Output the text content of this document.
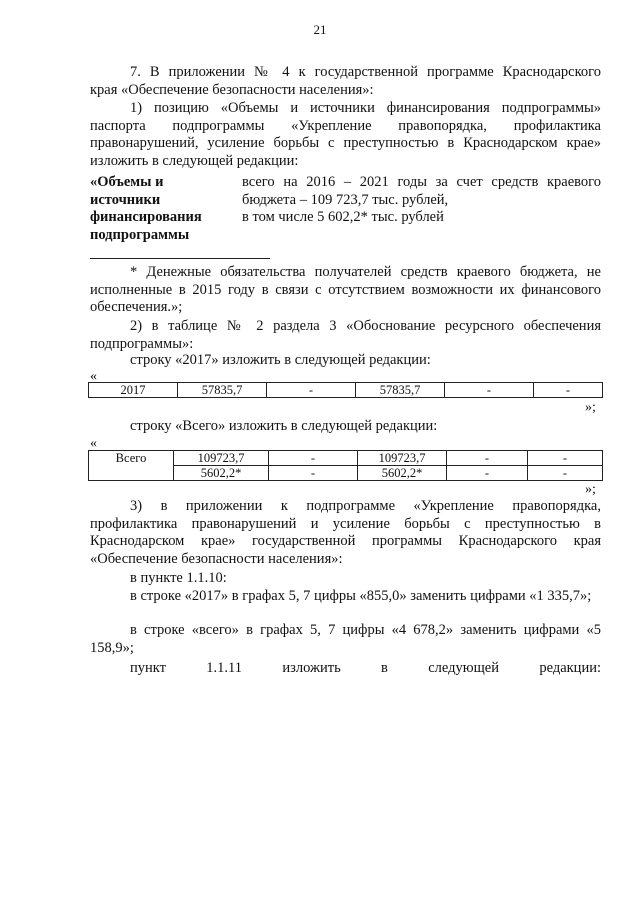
21
7. В приложении № 4 к государственной программе Краснодарского
края «Обеспечение безопасности населения»:
1) позицию «Объемы и источники финансирования подпрограммы» паспорта подпрограммы «Укрепление правопорядка, профилактика правонарушений, усиление борьбы с преступностью в Краснодарском крае» изложить в следующей редакции:
«Объемы и источники финансирования подпрограммы
всего на 2016 – 2021 годы за счет средств краевого бюджета – 109 723,7 тыс. рублей,
в том числе 5 602,2* тыс. рублей
* Денежные обязательства получателей средств краевого бюджета, не исполненные в 2015 году в связи с отсутствием возможности их финансового обеспечения.»;
2) в таблице № 2 раздела 3 «Обоснование ресурсного обеспечения подпрограммы»:
строку «2017» изложить в следующей редакции:
«
2017	57835,7	-	57835,7	-	-
»;
строку «Всего» изложить в следующей редакции:
«
Всего	109723,7	-	109723,7	-	-
	5602,2*	-	5602,2*	-	-
»;
3) в приложении к подпрограмме «Укрепление правопорядка, профилактика правонарушений и усиление борьбы с преступностью в Краснодарском крае» государственной программы Краснодарского края «Обеспечение безопасности населения»:
в пункте 1.1.10:
в строке «2017» в графах 5, 7 цифры «855,0» заменить цифрами «1 335,7»;
в строке «всего» в графах 5, 7 цифры «4 678,2» заменить цифрами «5 158,9»;
пункт 1.1.11 изложить в следующей редакции:
